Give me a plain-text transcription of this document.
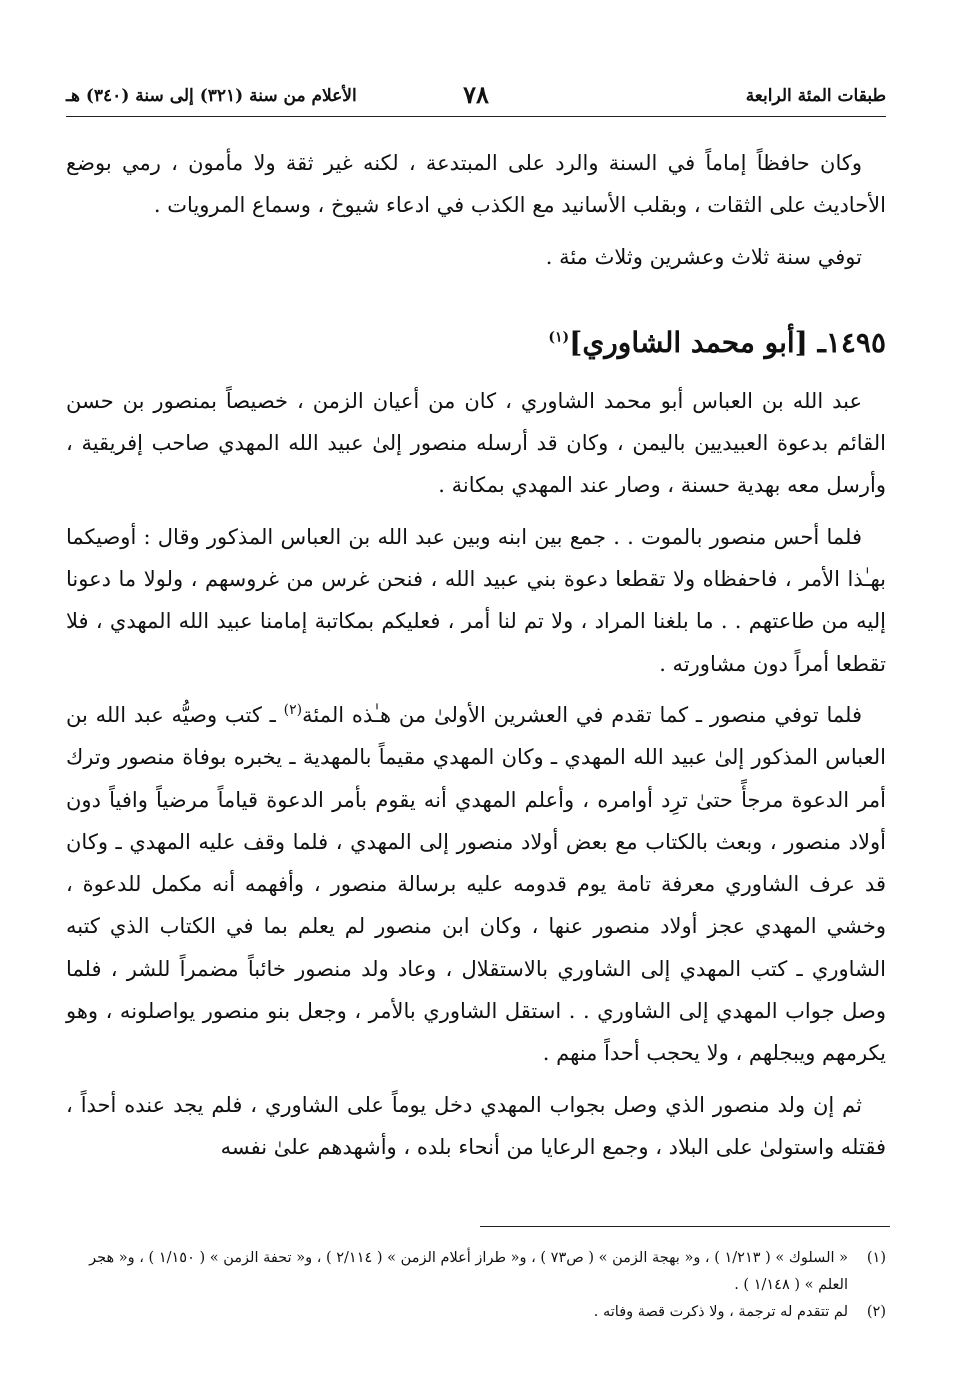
طبقات المئة الرابعة
٧٨
الأعلام من سنة (٣٢١) إلى سنة (٣٤٠) هـ

وكان حافظاً إماماً في السنة والرد على المبتدعة ، لكنه غير ثقة ولا مأمون ، رمي بوضع الأحاديث على الثقات ، وبقلب الأسانيد مع الكذب في ادعاء شيوخ ، وسماع المرويات .

توفي سنة ثلاث وعشرين وثلاث مئة .

١٤٩٥ـ [أبو محمد الشاوري]$^{(١)}$

عبد الله بن العباس أبو محمد الشاوري ، كان من أعيان الزمن ، خصيصاً بمنصور بن حسن القائم بدعوة العبيديين باليمن ، وكان قد أرسله منصور إلىٰ عبيد الله المهدي صاحب إفريقية ، وأرسل معه بهدية حسنة ، وصار عند المهدي بمكانة .

فلما أحس منصور بالموت . . جمع بين ابنه وبين عبد الله بن العباس المذكور وقال : أوصيكما بهـٰذا الأمر ، فاحفظاه ولا تقطعا دعوة بني عبيد الله ، فنحن غرس من غروسهم ، ولولا ما دعونا إليه من طاعتهم . . ما بلغنا المراد ، ولا تم لنا أمر ، فعليكم بمكاتبة إمامنا عبيد الله المهدي ، فلا تقطعا أمراً دون مشاورته .

فلما توفي منصور ـ كما تقدم في العشرين الأولىٰ من هـٰذه المئة$^{(٢)}$ ـ كتب وصيُّه عبد الله بن العباس المذكور إلىٰ عبيد الله المهدي ـ وكان المهدي مقيماً بالمهدية ـ يخبره بوفاة منصور وترك أمر الدعوة مرجأً حتىٰ ترِد أوامره ، وأعلم المهدي أنه يقوم بأمر الدعوة قياماً مرضياً وافياً دون أولاد منصور ، وبعث بالكتاب مع بعض أولاد منصور إلى المهدي ، فلما وقف عليه المهدي ـ وكان قد عرف الشاوري معرفة تامة يوم قدومه عليه برسالة منصور ، وأفهمه أنه مكمل للدعوة ، وخشي المهدي عجز أولاد منصور عنها ، وكان ابن منصور لم يعلم بما في الكتاب الذي كتبه الشاوري ـ كتب المهدي إلى الشاوري بالاستقلال ، وعاد ولد منصور خائباً مضمراً للشر ، فلما وصل جواب المهدي إلى الشاوري . . استقل الشاوري بالأمر ، وجعل بنو منصور يواصلونه ، وهو يكرمهم ويبجلهم ، ولا يحجب أحداً منهم .

ثم إن ولد منصور الذي وصل بجواب المهدي دخل يوماً على الشاوري ، فلم يجد عنده أحداً ، فقتله واستولىٰ على البلاد ، وجمع الرعايا من أنحاء بلده ، وأشهدهم علىٰ نفسه

(١)
« السلوك » ( ١/٢١٣ ) ، و« بهجة الزمن » ( ص٧٣ ) ، و« طراز أعلام الزمن » ( ٢/١١٤ ) ، و« تحفة الزمن » ( ١/١٥٠ ) ، و« هجر العلم » ( ١/١٤٨ ) .

(٢)
لم تتقدم له ترجمة ، ولا ذكرت قصة وفاته .
